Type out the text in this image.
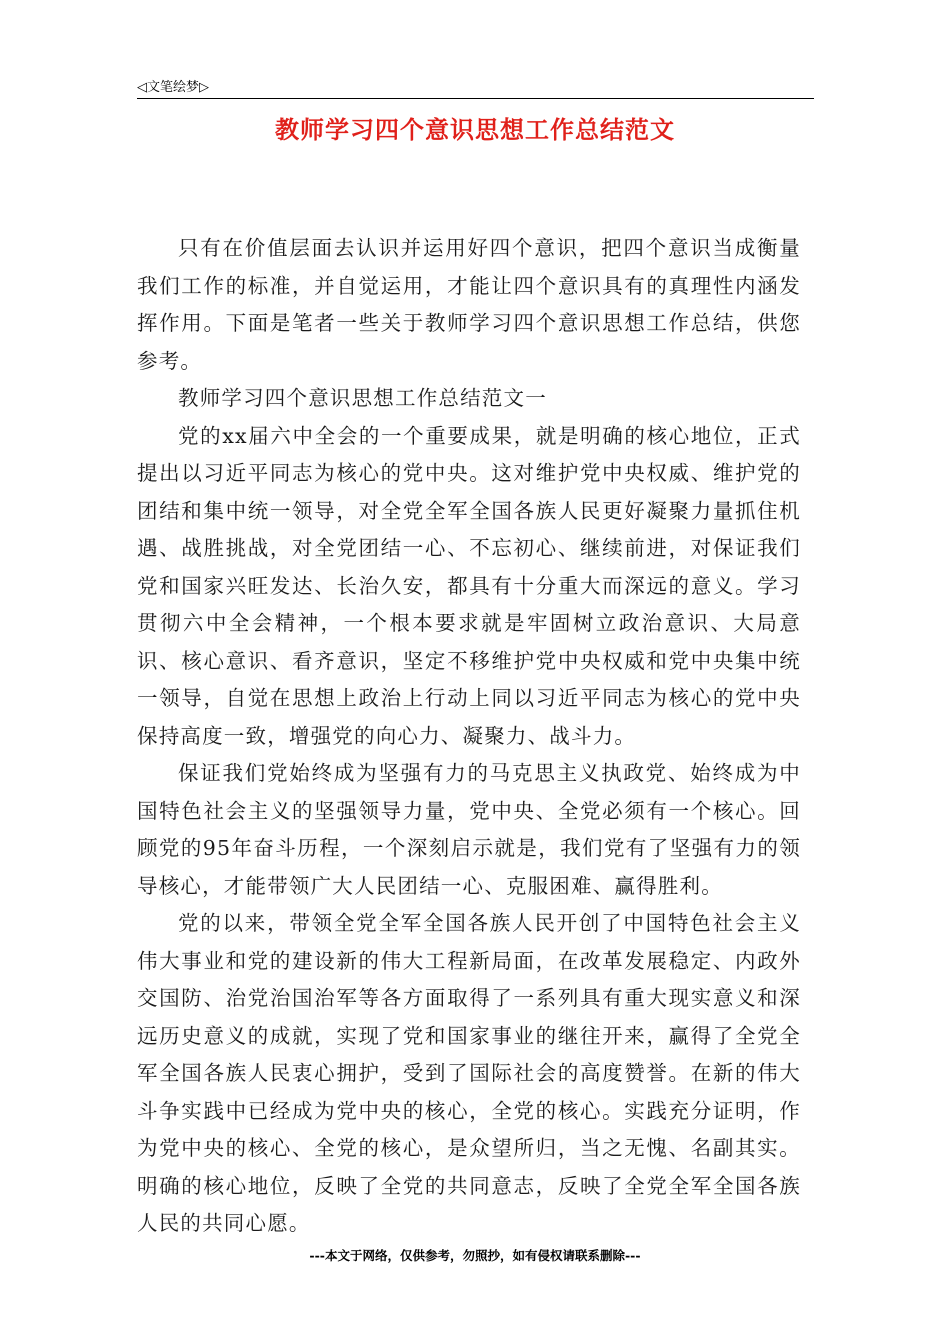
◁文笔绘梦▷
教师学习四个意识思想工作总结范文

只有在价值层面去认识并运用好四个意识，把四个意识当成衡量我们工作的标准，并自觉运用，才能让四个意识具有的真理性内涵发挥作用。下面是笔者一些关于教师学习四个意识思想工作总结，供您参考。

教师学习四个意识思想工作总结范文一

党的xx届六中全会的一个重要成果，就是明确的核心地位，正式提出以习近平同志为核心的党中央。这对维护党中央权威、维护党的团结和集中统一领导，对全党全军全国各族人民更好凝聚力量抓住机遇、战胜挑战，对全党团结一心、不忘初心、继续前进，对保证我们党和国家兴旺发达、长治久安，都具有十分重大而深远的意义。学习贯彻六中全会精神，一个根本要求就是牢固树立政治意识、大局意识、核心意识、看齐意识，坚定不移维护党中央权威和党中央集中统一领导，自觉在思想上政治上行动上同以习近平同志为核心的党中央保持高度一致，增强党的向心力、凝聚力、战斗力。

保证我们党始终成为坚强有力的马克思主义执政党、始终成为中国特色社会主义的坚强领导力量，党中央、全党必须有一个核心。回顾党的95年奋斗历程，一个深刻启示就是，我们党有了坚强有力的领导核心，才能带领广大人民团结一心、克服困难、赢得胜利。

党的以来，带领全党全军全国各族人民开创了中国特色社会主义伟大事业和党的建设新的伟大工程新局面，在改革发展稳定、内政外交国防、治党治国治军等各方面取得了一系列具有重大现实意义和深远历史意义的成就，实现了党和国家事业的继往开来，赢得了全党全军全国各族人民衷心拥护，受到了国际社会的高度赞誉。在新的伟大斗争实践中已经成为党中央的核心，全党的核心。实践充分证明，作为党中央的核心、全党的核心，是众望所归，当之无愧、名副其实。明确的核心地位，反映了全党的共同意志，反映了全党全军全国各族人民的共同心愿。

---本文于网络，仅供参考，勿照抄，如有侵权请联系删除---
